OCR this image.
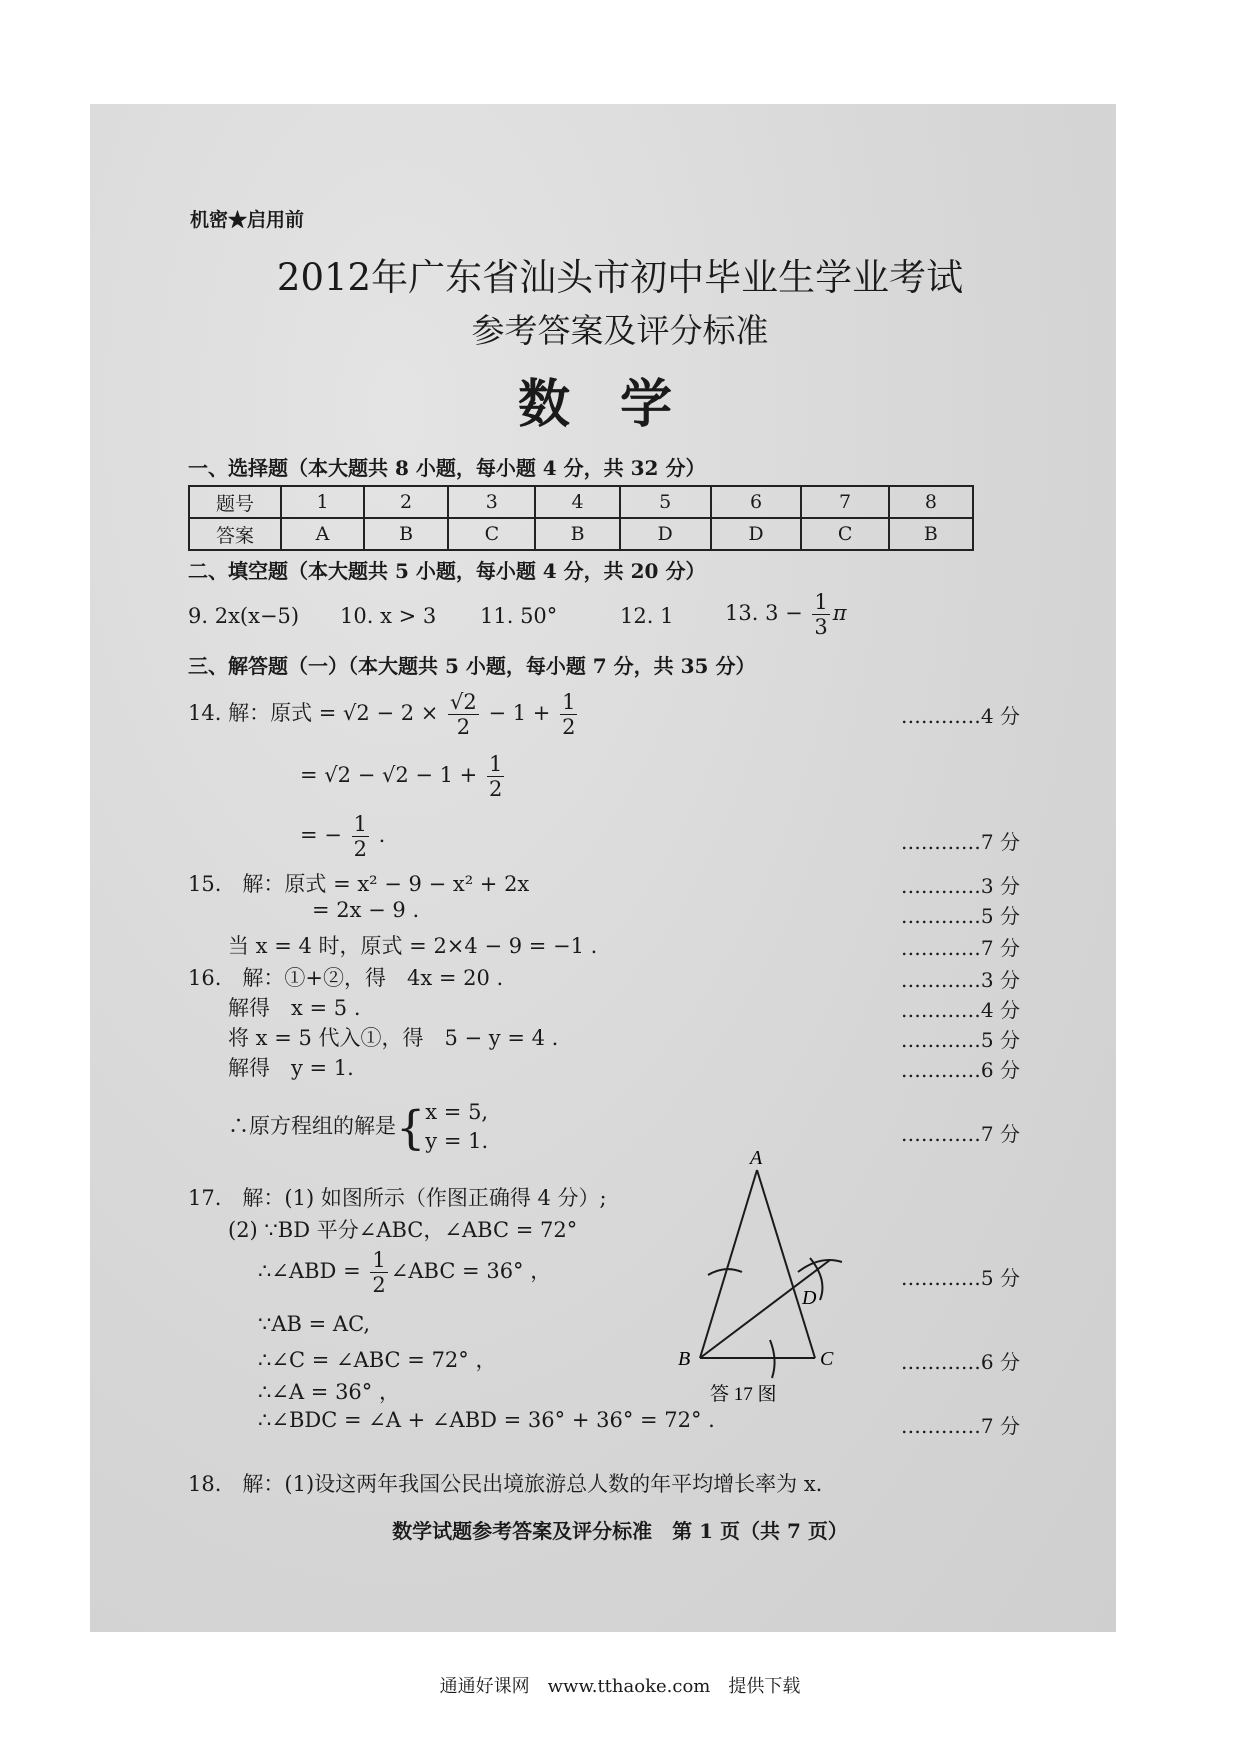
机密★启用前
2012年广东省汕头市初中毕业生学业考试
参考答案及评分标准
数学
一、选择题（本大题共 8 小题，每小题 4 分，共 32 分）
题号	1	2	3	4	5	6	7	8
答案	A	B	C	B	D	D	C	B
二、填空题（本大题共 5 小题，每小题 4 分，共 20 分）
9. 2x(x−5) 10. x > 3 11. 50°	12. 1 13. $3 - \frac{1}{3}$ π
三、解答题（一）（本大题共 5 小题，每小题 7 分，共 35 分）
14. 解：原式 = $√2 - 2 \times \frac{√2}{2} - 1 + \frac{1}{2}$	…………4 分
= $√2 - √2 - 1 + \frac{1}{2}$
= − $\frac{1}{2}$ .	…………7 分
15.　解：原式 = x² − 9 − x² + 2x	…………3 分
= 2x − 9 .	…………5 分
当 x = 4 时，原式 = 2×4 − 9 = −1 .	…………7 分
16.　解：①+②，得　4x = 20 .	…………3 分
解得　x = 5 .	…………4 分
将 x = 5 代入①，得　5 − y = 4 .	…………5 分
解得　y = 1.	…………6 分
∴原方程组的解是{ x = 5,
y = 1.	…………7 分
17.　解：(1) 如图所示（作图正确得 4 分）;
(2) ∵BD 平分∠ABC，∠ABC = 72°
∴∠ABD = $\frac{1}{2}$ ∠ABC = 36° ，	…………5 分
∵AB = AC,
∴∠C = ∠ABC = 72° ，	…………6 分
∴∠A = 36° ，
∴∠BDC = ∠A + ∠ABD = 36° + 36° = 72° .	…………7 分
A
B	C
D
答 17 图
18.　解：(1)设这两年我国公民出境旅游总人数的年平均增长率为 x.
数学试题参考答案及评分标准　第 1 页（共 7 页）
通通好课网　www.tthaoke.com　提供下载
